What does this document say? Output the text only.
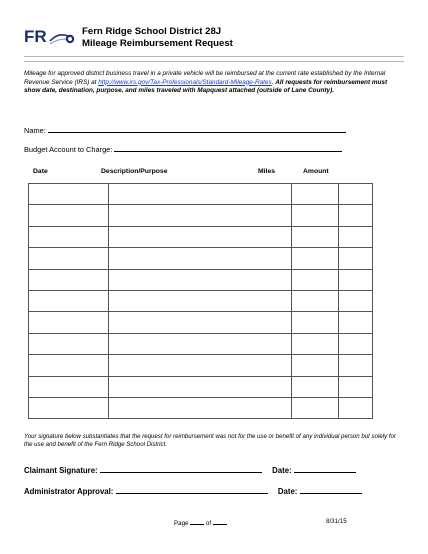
FR	Fern Ridge School District 28J
Mileage Reimbursement Request
Mileage for approved district business travel in a private vehicle will be reimbursed at the current rate established by the Internal Revenue Service (IRS) at http://www.irs.gov/Tax-Professionals/Standard-Mileage-Rates. All requests for reimbursement must show date, destination, purpose, and miles traveled with Mapquest attached (outside of Lane County).
Name:
Budget Account to Charge:
Date	Description/Purpose	Miles	Amount

Your signature below substantiates that the request for reimbursement was not for the use or benefit of any individual person but solely for the use and benefit of the Fern Ridge School District.
Claimant Signature:	Date:
Administrator Approval:	Date:
Page	of	8/31/15
